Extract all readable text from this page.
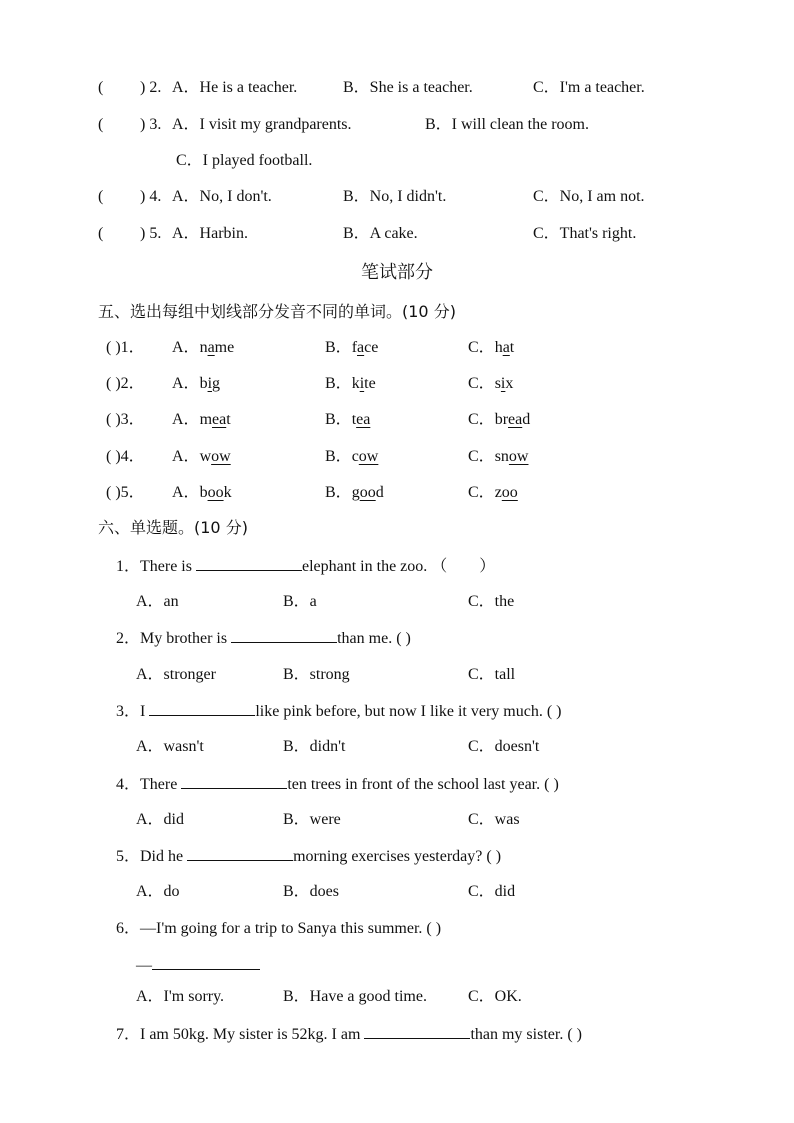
( ) 2. A．He is a teacher.	B．She is a teacher.	C．I'm a teacher.
( ) 3. A．I visit my grandparents.	B．I will clean the room.
C．I played football.
( ) 4. A．No, I don't.	B．No, I didn't.	C．No, I am not.
( ) 5. A．Harbin.	B．A cake.	C．That's right.
笔试部分
五、选出每组中划线部分发音不同的单词。(10 分)
( )1． A．name	B．face	C．hat
( )2． A．big	B．kite	C．six
( )3． A．meat	B．tea	C．bread
( )4． A．wow	B．cow	C．snow
( )5． A．book	B．good	C．zoo
六、单选题。(10 分)
1．There is	elephant in the zoo. （　　）
A．an	B．a	C．the
2．My brother is	than me. ( )
A．stronger	B．strong	C．tall
3．I	like pink before, but now I like it very much. ( )
A．wasn't	B．didn't	C．doesn't
4．There	ten trees in front of the school last year. ( )
A．did	B．were	C．was
5．Did he	morning exercises yesterday? ( )
A．do	B．does	C．did
6．—I'm going for a trip to Sanya this summer. ( )
—
A．I'm sorry.	B．Have a good time.	C．OK.
7．I am 50kg. My sister is 52kg. I am	than my sister. ( )
